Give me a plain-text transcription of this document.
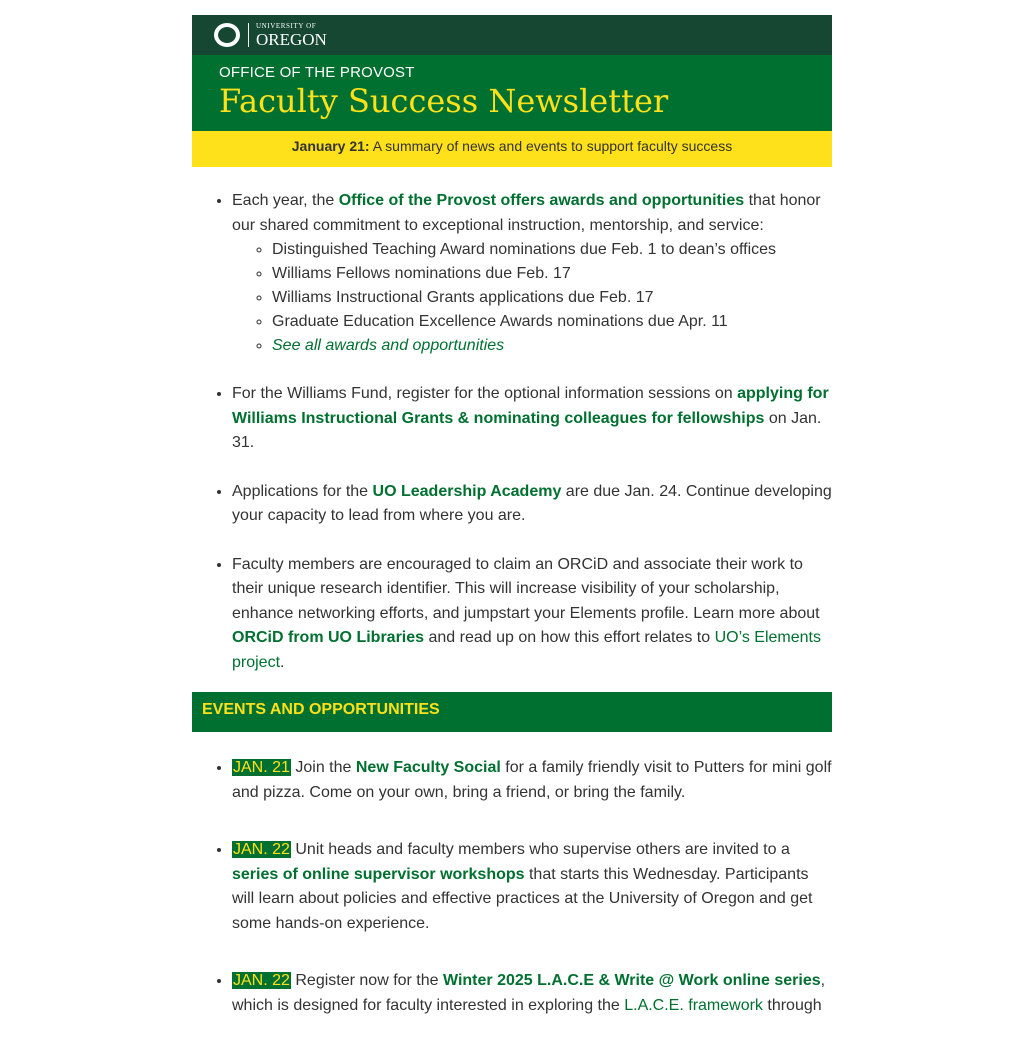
UNIVERSITY OF
OREGON
OFFICE OF THE PROVOST
Faculty Success Newsletter
January 21: A summary of news and events to support faculty success
• Each year, the Office of the Provost offers awards and opportunities that honor our shared commitment to exceptional instruction, mentorship, and service:
◦ Distinguished Teaching Award nominations due Feb. 1 to dean’s offices
◦ Williams Fellows nominations due Feb. 17
◦ Williams Instructional Grants applications due Feb. 17
◦ Graduate Education Excellence Awards nominations due Apr. 11
◦ See all awards and opportunities
• For the Williams Fund, register for the optional information sessions on applying for Williams Instructional Grants & nominating colleagues for fellowships on Jan. 31.
• Applications for the UO Leadership Academy are due Jan. 24. Continue developing your capacity to lead from where you are.
• Faculty members are encouraged to claim an ORCiD and associate their work to their unique research identifier. This will increase visibility of your scholarship, enhance networking efforts, and jumpstart your Elements profile. Learn more about ORCiD from UO Libraries and read up on how this effort relates to UO’s Elements project.
EVENTS AND OPPORTUNITIES
• JAN. 21 Join the New Faculty Social for a family friendly visit to Putters for mini golf and pizza. Come on your own, bring a friend, or bring the family.
• JAN. 22 Unit heads and faculty members who supervise others are invited to a series of online supervisor workshops that starts this Wednesday. Participants will learn about policies and effective practices at the University of Oregon and get some hands-on experience.
• JAN. 22 Register now for the Winter 2025 L.A.C.E & Write @ Work online series, which is designed for faculty interested in exploring the L.A.C.E. framework through
